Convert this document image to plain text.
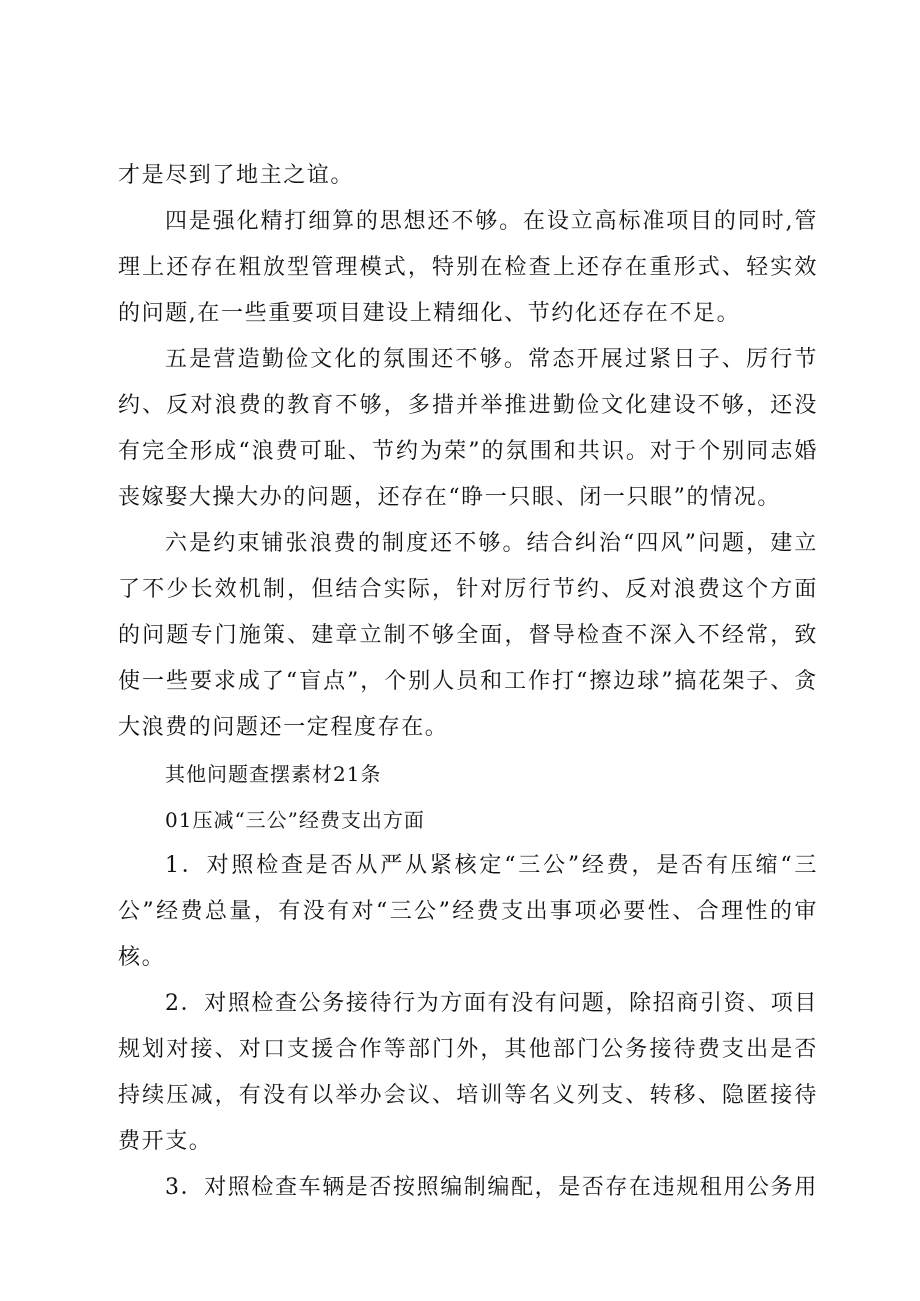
才是尽到了地主之谊。

四是强化精打细算的思想还不够。在设立高标准项目的同时,管理上还存在粗放型管理模式，特别在检查上还存在重形式、轻实效的问题,在一些重要项目建设上精细化、节约化还存在不足。

五是营造勤俭文化的氛围还不够。常态开展过紧日子、厉行节约、反对浪费的教育不够，多措并举推进勤俭文化建设不够，还没有完全形成“浪费可耻、节约为荣”的氛围和共识。对于个别同志婚丧嫁娶大操大办的问题，还存在“睁一只眼、闭一只眼”的情况。

六是约束铺张浪费的制度还不够。结合纠治“四风”问题，建立了不少长效机制，但结合实际，针对厉行节约、反对浪费这个方面的问题专门施策、建章立制不够全面，督导检查不深入不经常，致使一些要求成了“盲点”，个别人员和工作打“擦边球”搞花架子、贪大浪费的问题还一定程度存在。

其他问题查摆素材21条

01压减“三公”经费支出方面

1．对照检查是否从严从紧核定“三公”经费，是否有压缩“三公”经费总量，有没有对“三公”经费支出事项必要性、合理性的审核。

2．对照检查公务接待行为方面有没有问题，除招商引资、项目规划对接、对口支援合作等部门外，其他部门公务接待费支出是否持续压减，有没有以举办会议、培训等名义列支、转移、隐匿接待费开支。

3．对照检查车辆是否按照编制编配，是否存在违规租用公务用
